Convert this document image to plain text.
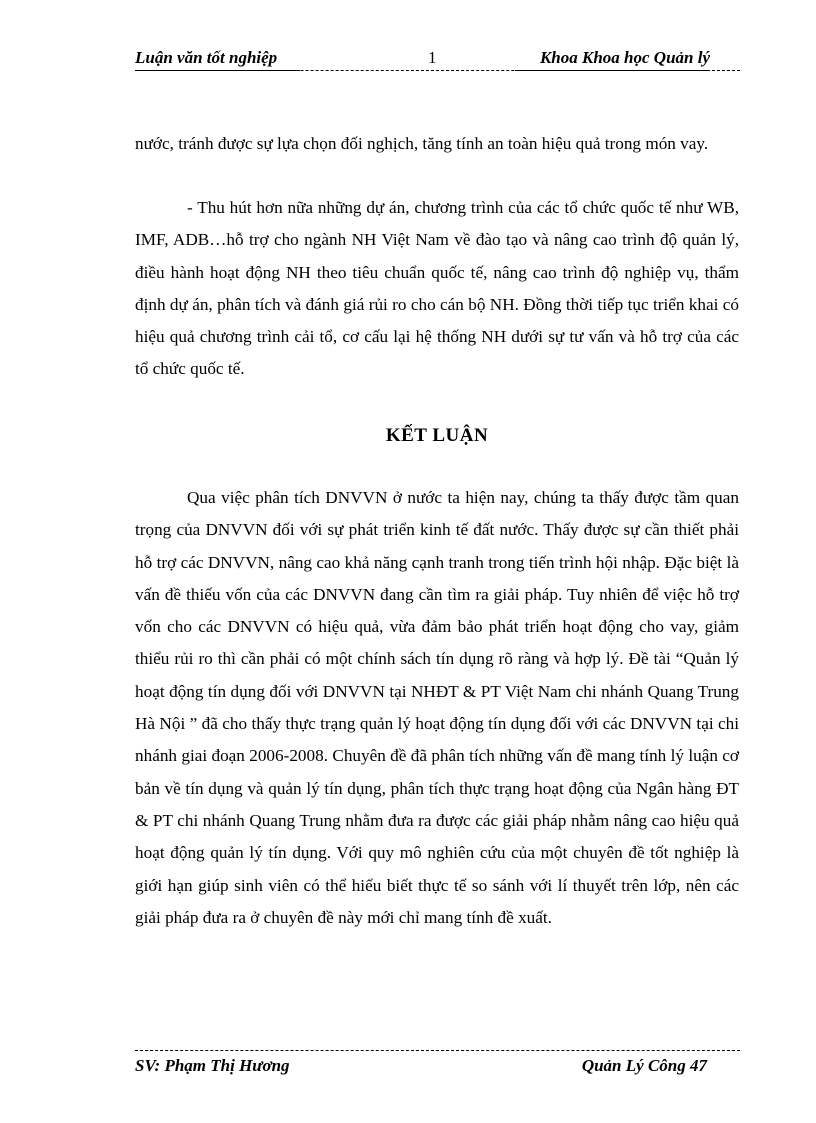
Luận văn tốt nghiệp	1	Khoa Khoa học Quản lý
nước, tránh được sự lựa chọn đối nghịch, tăng tính an toàn hiệu quả trong món vay.
- Thu hút hơn nữa những dự án, chương trình của các tổ chức quốc tế như WB, IMF, ADB…hỗ trợ cho ngành NH Việt Nam về đào tạo và nâng cao trình độ quản lý, điều hành hoạt động NH theo tiêu chuẩn quốc tế, nâng cao trình độ nghiệp vụ, thẩm định dự án, phân tích và đánh giá rủi ro cho cán bộ NH. Đồng thời tiếp tục triển khai có hiệu quả chương trình cải tổ, cơ cấu lại hệ thống NH dưới sự tư vấn và hỗ trợ của các tổ chức quốc tế.
KẾT LUẬN
Qua việc phân tích DNVVN ở nước ta hiện nay, chúng ta thấy được tầm quan trọng của DNVVN đối với sự phát triển kinh tế đất nước. Thấy được sự cần thiết phải hỗ trợ các DNVVN, nâng cao khả năng cạnh tranh trong tiến trình hội nhập. Đặc biệt là vấn đề thiếu vốn của các DNVVN đang cần tìm ra giải pháp. Tuy nhiên để việc hỗ trợ vốn cho các DNVVN có hiệu quả, vừa đảm bảo phát triển hoạt động cho vay, giảm thiểu rủi ro thì cần phải có một chính sách tín dụng rõ ràng và hợp lý. Đề tài “Quản lý hoạt động tín dụng đối với DNVVN tại NHĐT & PT Việt Nam chi nhánh Quang Trung Hà Nội ” đã cho thấy thực trạng quản lý hoạt động tín dụng đối với các DNVVN tại chi nhánh giai đoạn 2006-2008. Chuyên đề đã phân tích những vấn đề mang tính lý luận cơ bản về tín dụng và quản lý tín dụng, phân tích thực trạng hoạt động của Ngân hàng ĐT & PT chi nhánh Quang Trung nhằm đưa ra được các giải pháp nhằm nâng cao hiệu quả hoạt động quản lý tín dụng. Với quy mô nghiên cứu của một chuyên đề tốt nghiệp là giới hạn giúp sinh viên có thể hiểu biết thực tế so sánh với lí thuyết trên lớp, nên các giải pháp đưa ra ở chuyên đề này mới chỉ mang tính đề xuất.
SV: Phạm Thị Hương	Quản Lý Công 47
